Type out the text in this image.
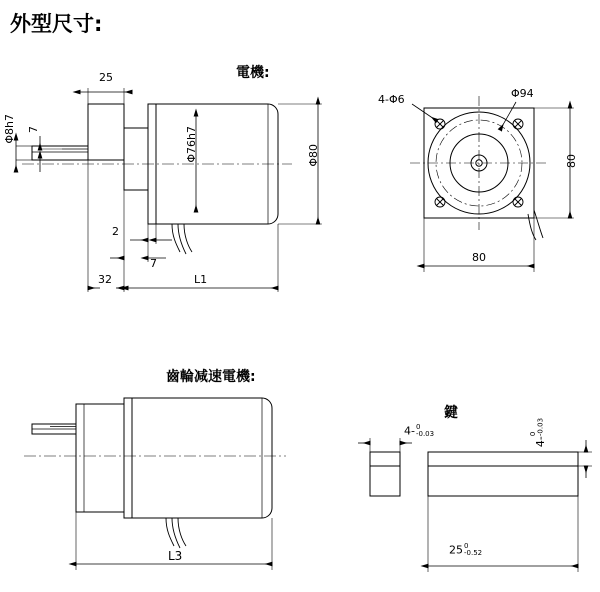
外型尺寸:
電機:
齒輪减速電機:
鍵
Φ8h7 7
25
Φ76h7	Φ80
2
7
32	L1
4-Φ6	Φ94
80
80
L3
4- 0
-0.03
4-
0 -0.03
25 0
-0.52
